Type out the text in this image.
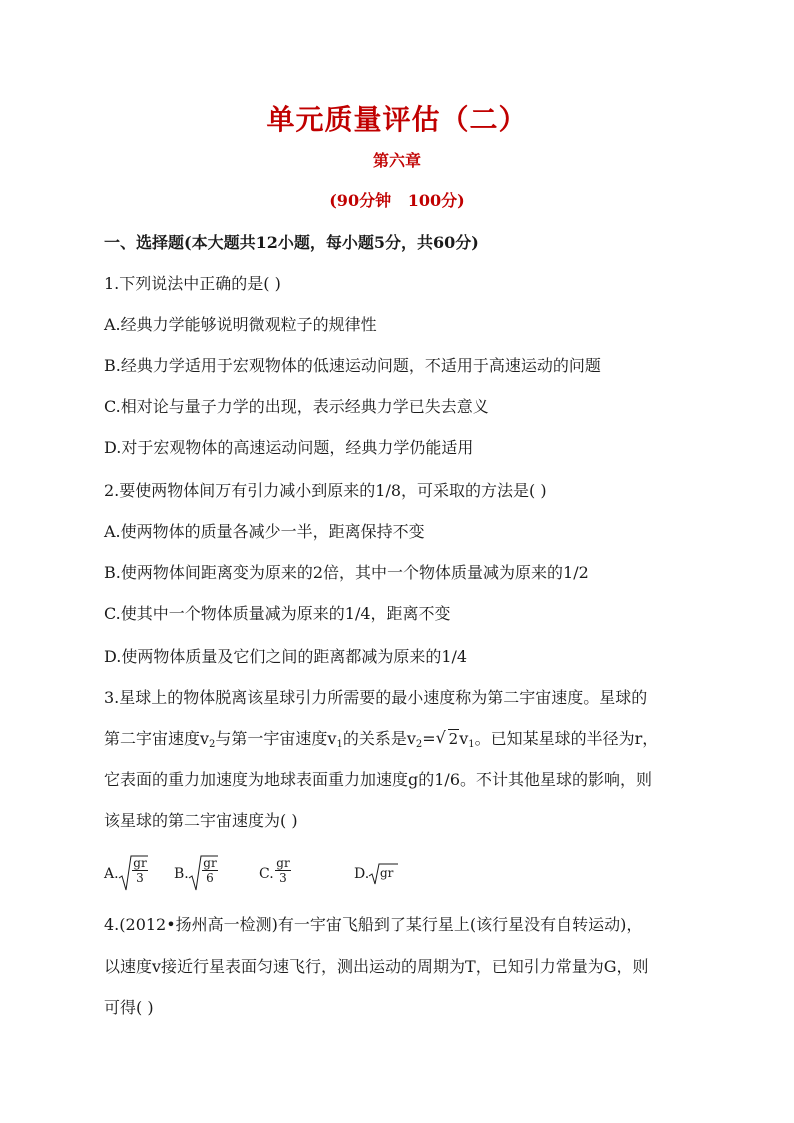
单元质量评估（二）
第六章
(90分钟   100分)
一、选择题(本大题共12小题，每小题5分，共60分)
1.下列说法中正确的是( )
A.经典力学能够说明微观粒子的规律性
B.经典力学适用于宏观物体的低速运动问题，不适用于高速运动的问题
C.相对论与量子力学的出现，表示经典力学已失去意义
D.对于宏观物体的高速运动问题，经典力学仍能适用
2.要使两物体间万有引力减小到原来的1/8，可采取的方法是( )
A.使两物体的质量各减少一半，距离保持不变
B.使两物体间距离变为原来的2倍，其中一个物体质量减为原来的1/2
C.使其中一个物体质量减为原来的1/4，距离不变
D.使两物体质量及它们之间的距离都减为原来的1/4
3.星球上的物体脱离该星球引力所需要的最小速度称为第二宇宙速度。星球的
第二宇宙速度$v_2$与第一宇宙速度$v_1$的关系是$v_2=$ √ $2v_1$。已知某星球的半径为r，
它表面的重力加速度为地球表面重力加速度g的1/6。不计其他星球的影响，则
该星球的第二宇宙速度为( )
A. $\frac{gr}{3} B$. $\frac{gr}{6}$	C. $\frac{gr}{3}$	D. gr
4.(2012•扬州高一检测)有一宇宙飞船到了某行星上(该行星没有自转运动)，
以速度v接近行星表面匀速飞行，测出运动的周期为T，已知引力常量为G，则
可得( )
